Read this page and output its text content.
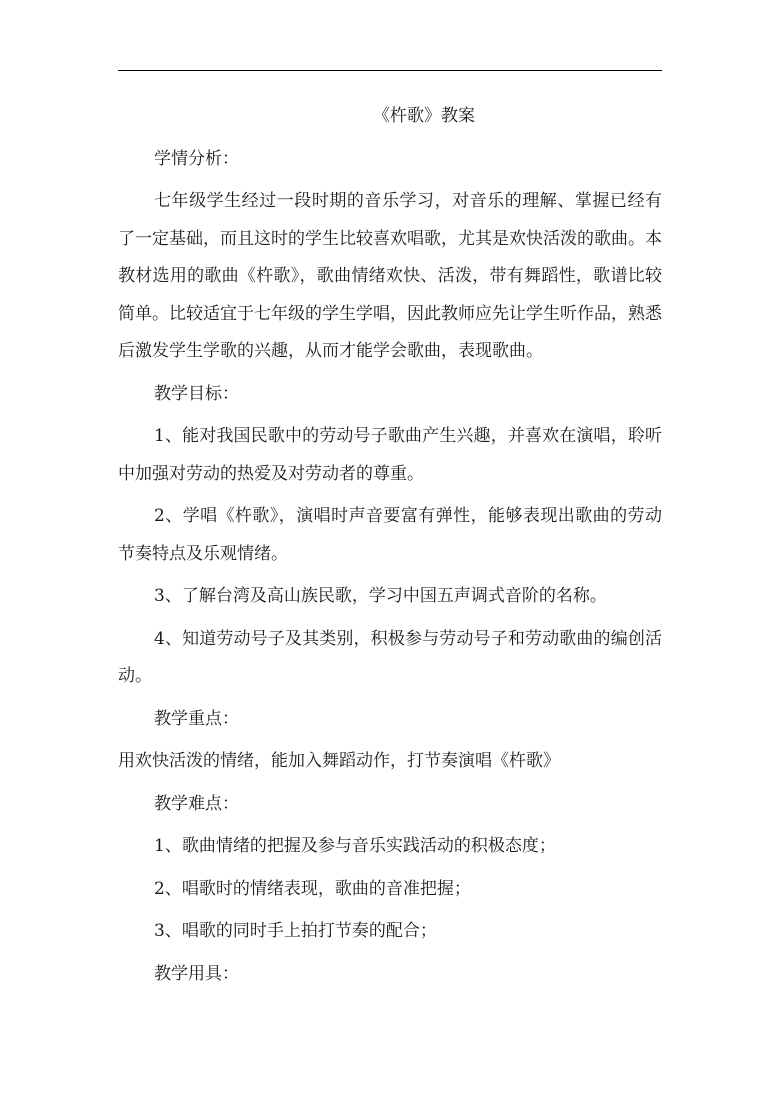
《杵歌》教案

学情分析：

七年级学生经过一段时期的音乐学习，对音乐的理解、掌握已经有了一定基础，而且这时的学生比较喜欢唱歌，尤其是欢快活泼的歌曲。本教材选用的歌曲《杵歌》，歌曲情绪欢快、活泼，带有舞蹈性，歌谱比较简单。比较适宜于七年级的学生学唱，因此教师应先让学生听作品，熟悉后激发学生学歌的兴趣，从而才能学会歌曲，表现歌曲。

教学目标：

1、能对我国民歌中的劳动号子歌曲产生兴趣，并喜欢在演唱，聆听中加强对劳动的热爱及对劳动者的尊重。

2、学唱《杵歌》，演唱时声音要富有弹性，能够表现出歌曲的劳动节奏特点及乐观情绪。

3、了解台湾及高山族民歌，学习中国五声调式音阶的名称。

4、知道劳动号子及其类别，积极参与劳动号子和劳动歌曲的编创活动。

教学重点：

用欢快活泼的情绪，能加入舞蹈动作，打节奏演唱《杵歌》

教学难点：

1、歌曲情绪的把握及参与音乐实践活动的积极态度；

2、唱歌时的情绪表现，歌曲的音准把握；

3、唱歌的同时手上拍打节奏的配合；

教学用具：
